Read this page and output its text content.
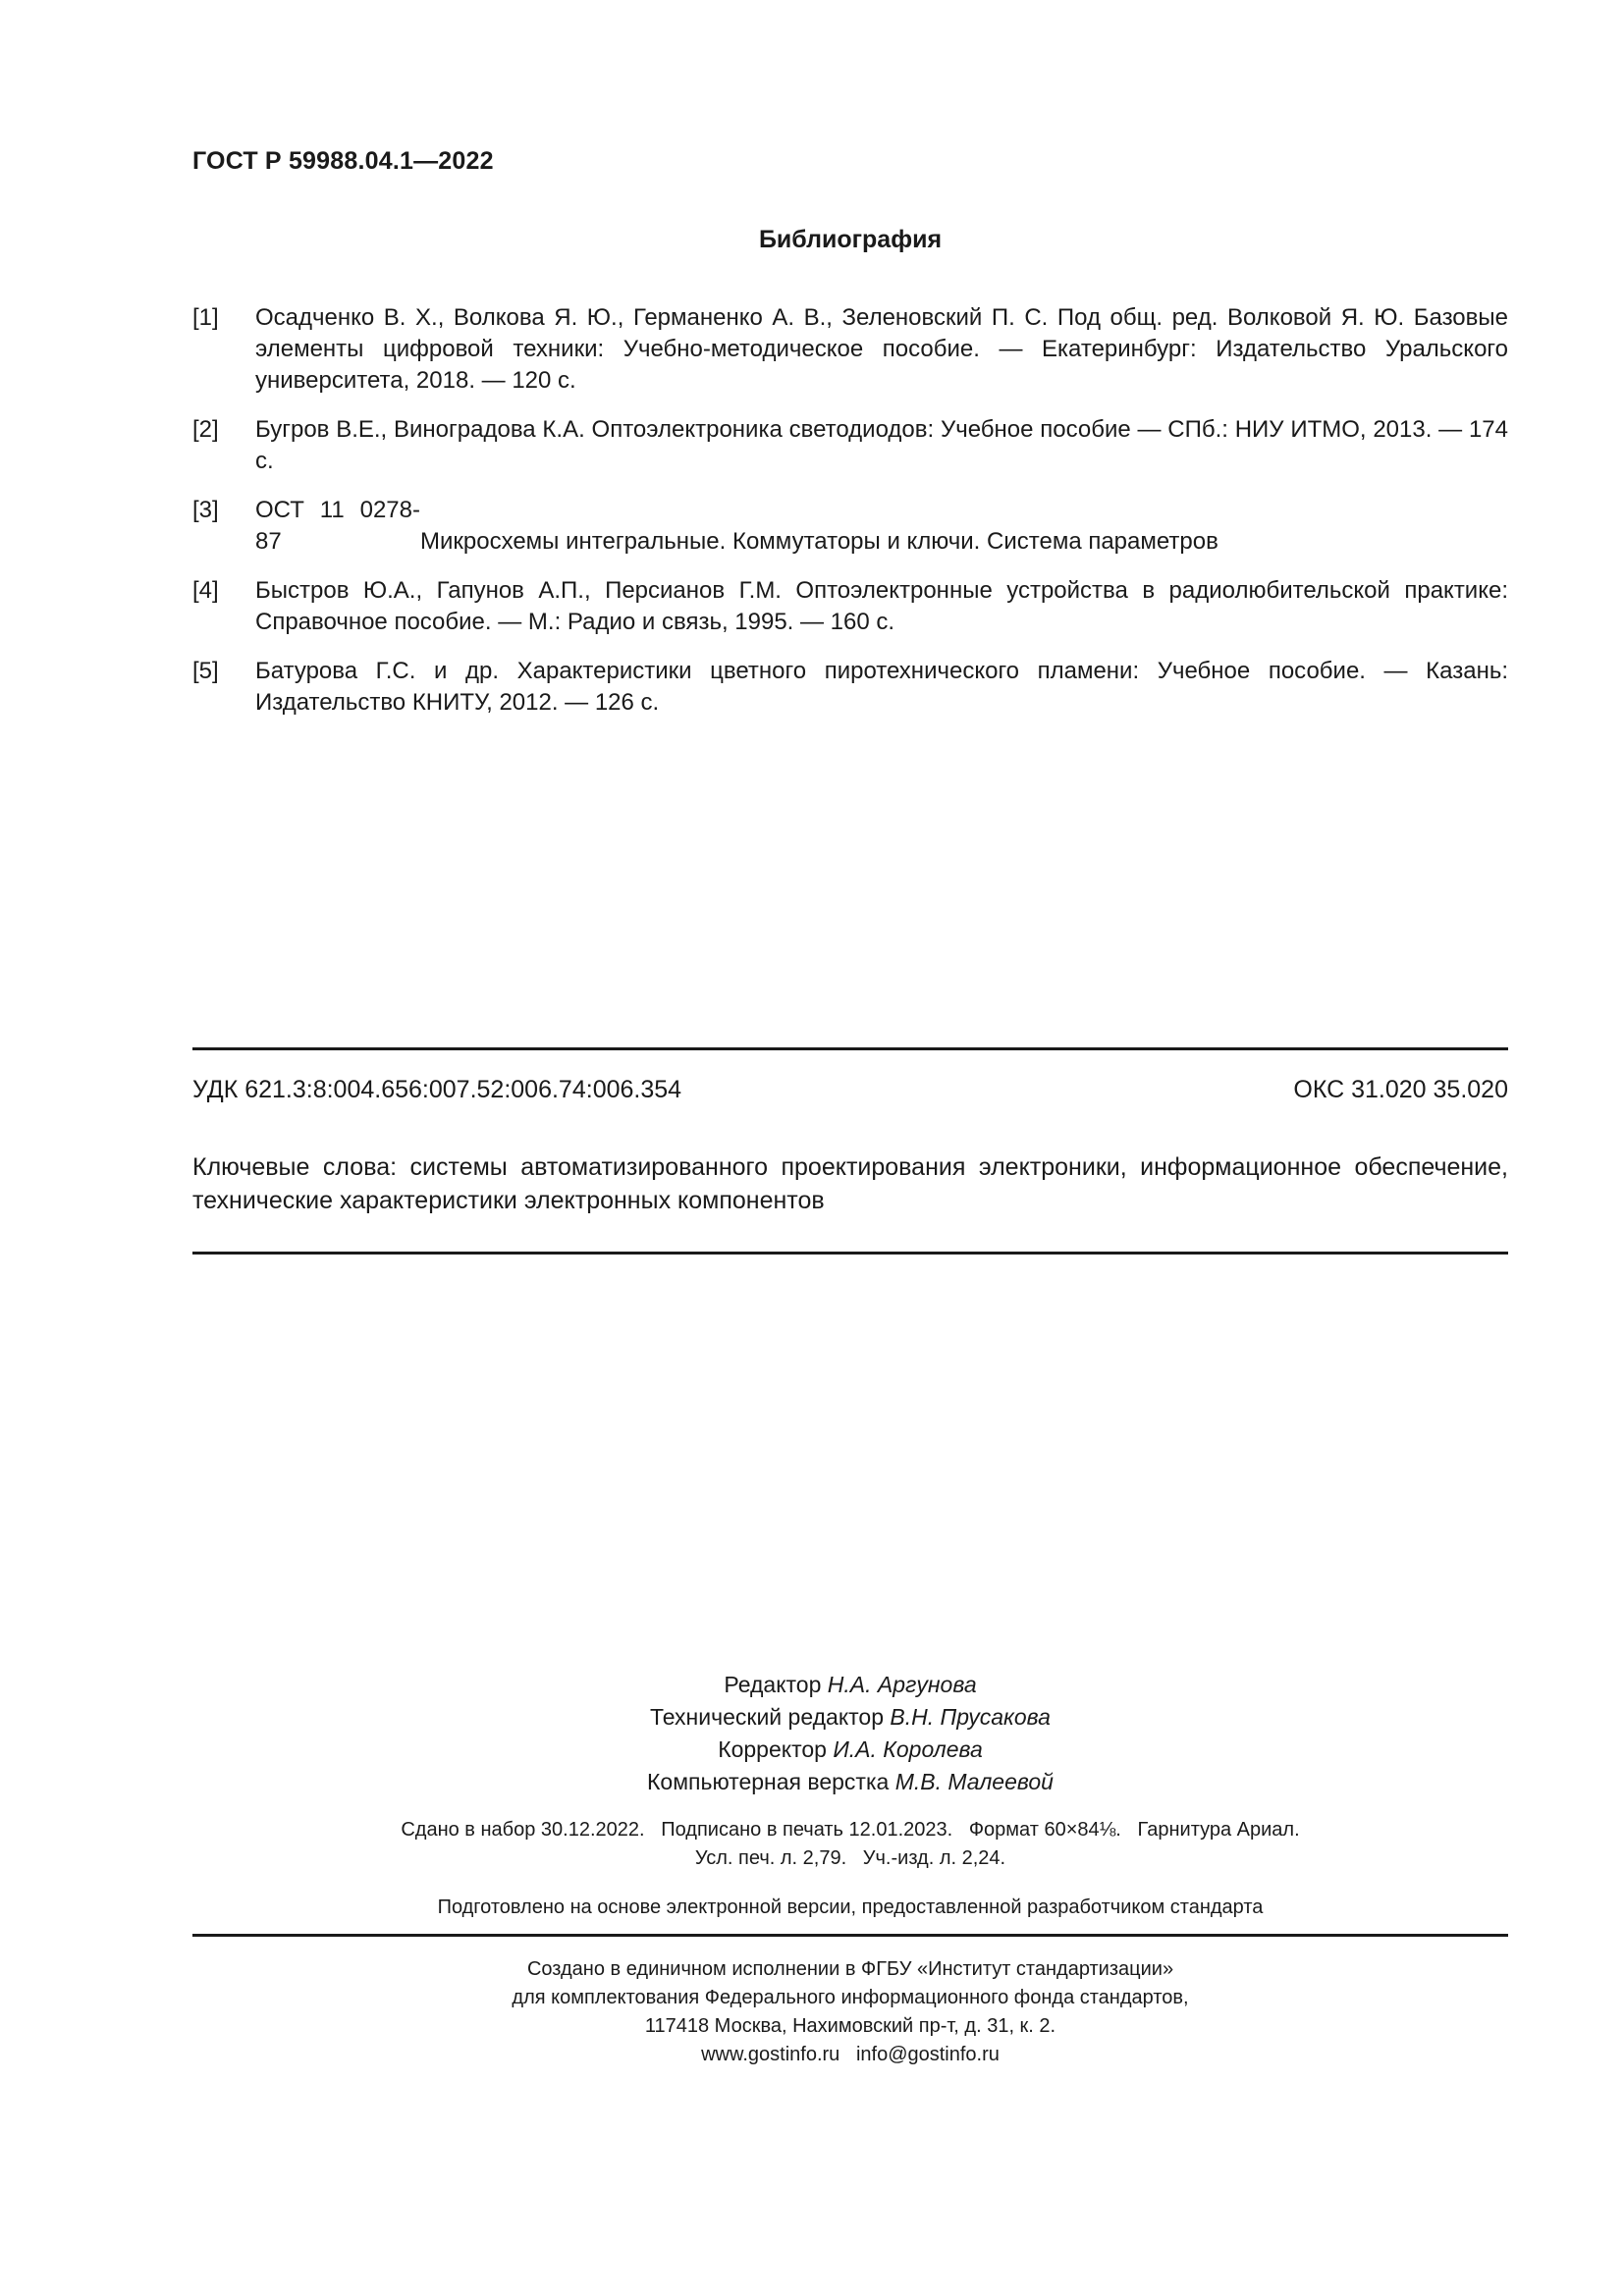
ГОСТ Р 59988.04.1—2022
Библиография
[1]	Осадченко В. Х., Волкова Я. Ю., Германенко А. В., Зеленовский П. С. Под общ. ред. Волковой Я. Ю. Базовые элементы цифровой техники: Учебно-методическое пособие. — Екатеринбург: Издательство Уральского университета, 2018. — 120 с.
[2]	Бугров В.Е., Виноградова К.А. Оптоэлектроника светодиодов: Учебное пособие — СПб.: НИУ ИТМО, 2013. — 174 с.
[3]	ОСТ 11 0278-87	Микросхемы интегральные. Коммутаторы и ключи. Система параметров
[4]	Быстров Ю.А., Гапунов А.П., Персианов Г.М. Оптоэлектронные устройства в радиолюбительской практике: Справочное пособие. — М.: Радио и связь, 1995. — 160 с.
[5]	Батурова Г.С. и др. Характеристики цветного пиротехнического пламени: Учебное пособие. — Казань: Издательство КНИТУ, 2012. — 126 с.
УДК 621.3:8:004.656:007.52:006.74:006.354	ОКС 31.020 35.020
Ключевые слова: системы автоматизированного проектирования электроники, информационное обеспечение, технические характеристики электронных компонентов
Редактор Н.А. Аргунова
Технический редактор В.Н. Прусакова
Корректор И.А. Королева
Компьютерная верстка М.В. Малеевой
Сдано в набор 30.12.2022.   Подписано в печать 12.01.2023.   Формат 60×84⅛.   Гарнитура Ариал.
Усл. печ. л. 2,79.   Уч.-изд. л. 2,24.
Подготовлено на основе электронной версии, предоставленной разработчиком стандарта
Создано в единичном исполнении в ФГБУ «Институт стандартизации»
для комплектования Федерального информационного фонда стандартов,
117418 Москва, Нахимовский пр-т, д. 31, к. 2.
www.gostinfo.ru   info@gostinfo.ru
